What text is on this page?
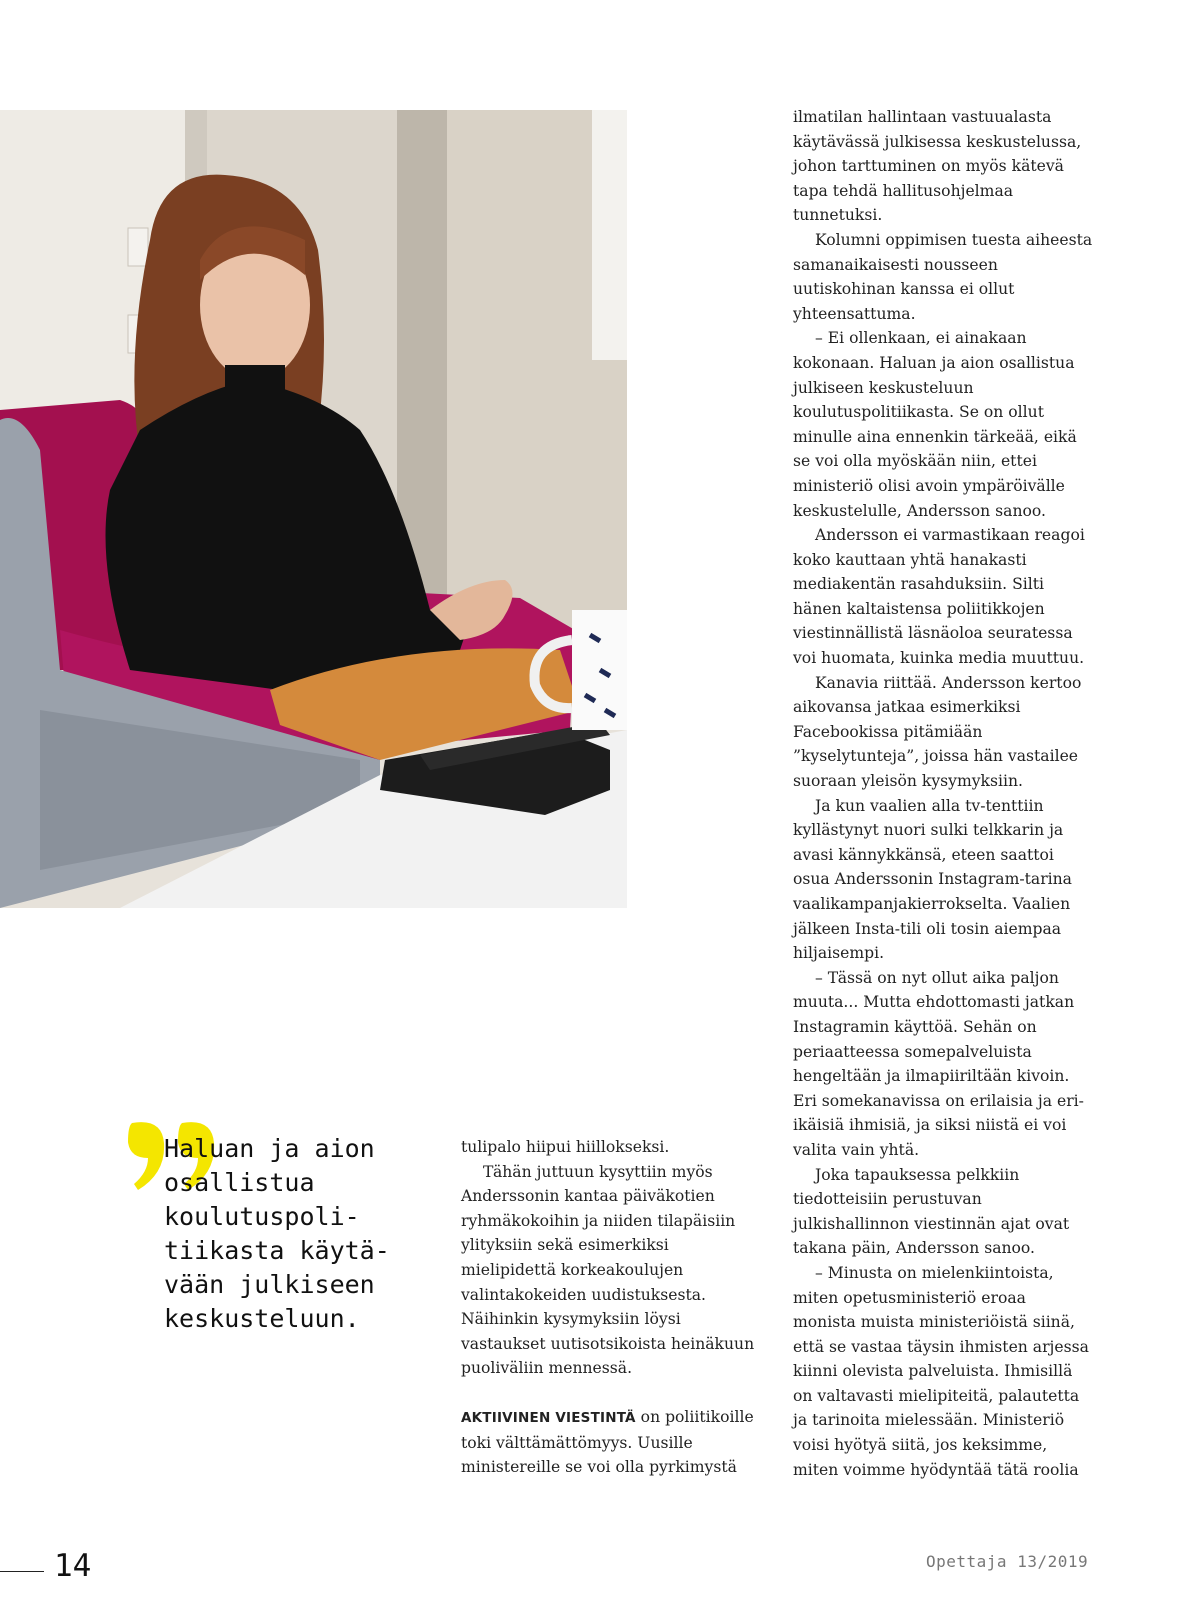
Haluan ja aion osallistua koulutuspoli-tiikasta käytä-vään julkiseen keskusteluun.

tulipalo hiipui hiillokseksi.

Tähän juttuun kysyttiin myös Anderssonin kantaa päiväkotien ryhmäkokoihin ja niiden tilapäisiin ylityksiin sekä esimerkiksi mielipidettä korkeakoulujen valintakokeiden uudistuksesta. Näihinkin kysymyksiin löysi vastaukset uutisotsikoista heinäkuun puoliväliin mennessä.

AKTIIVINEN VIESTINTÄ on poliitikoille toki välttämättömyys. Uusille ministereille se voi olla pyrkimystä

ilmatilan hallintaan vastuualasta käytävässä julkisessa keskustelussa, johon tarttuminen on myös kätevä tapa tehdä hallitusohjelmaa tunnetuksi.

Kolumni oppimisen tuesta aiheesta samanaikaisesti nousseen uutiskohinan kanssa ei ollut yhteensattuma.

– Ei ollenkaan, ei ainakaan kokonaan. Haluan ja aion osallistua julkiseen keskusteluun koulutuspolitiikasta. Se on ollut minulle aina ennenkin tärkeää, eikä se voi olla myöskään niin, ettei ministeriö olisi avoin ympäröivälle keskustelulle, Andersson sanoo.

Andersson ei varmastikaan reagoi koko kauttaan yhtä hanakasti mediakentän rasahduksiin. Silti hänen kaltaistensa poliitikkojen viestinnällistä läsnäoloa seuratessa voi huomata, kuinka media muuttuu.

Kanavia riittää. Andersson kertoo aikovansa jatkaa esimerkiksi Facebookissa pitämiään ”kyselytunteja”, joissa hän vastailee suoraan yleisön kysymyksiin.

Ja kun vaalien alla tv-tenttiin kyllästynyt nuori sulki telkkarin ja avasi kännykkänsä, eteen saattoi osua Anderssonin Instagram-tarina vaalikampanjakierrokselta. Vaalien jälkeen Insta-tili oli tosin aiempaa hiljaisempi.

– Tässä on nyt ollut aika paljon muuta... Mutta ehdottomasti jatkan Instagramin käyttöä. Sehän on periaatteessa somepalveluista hengeltään ja ilmapiiriltään kivoin. Eri somekanavissa on erilaisia ja eri-ikäisiä ihmisiä, ja siksi niistä ei voi valita vain yhtä.

Joka tapauksessa pelkkiin tiedotteisiin perustuvan julkishallinnon viestinnän ajat ovat takana päin, Andersson sanoo.

– Minusta on mielenkiintoista, miten opetusministeriö eroaa monista muista ministeriöistä siinä, että se vastaa täysin ihmisten arjessa kiinni olevista palveluista. Ihmisillä on valtavasti mielipiteitä, palautetta ja tarinoita mielessään. Ministeriö voisi hyötyä siitä, jos keksimme, miten voimme hyödyntää tätä roolia

14	Opettaja 13/2019
